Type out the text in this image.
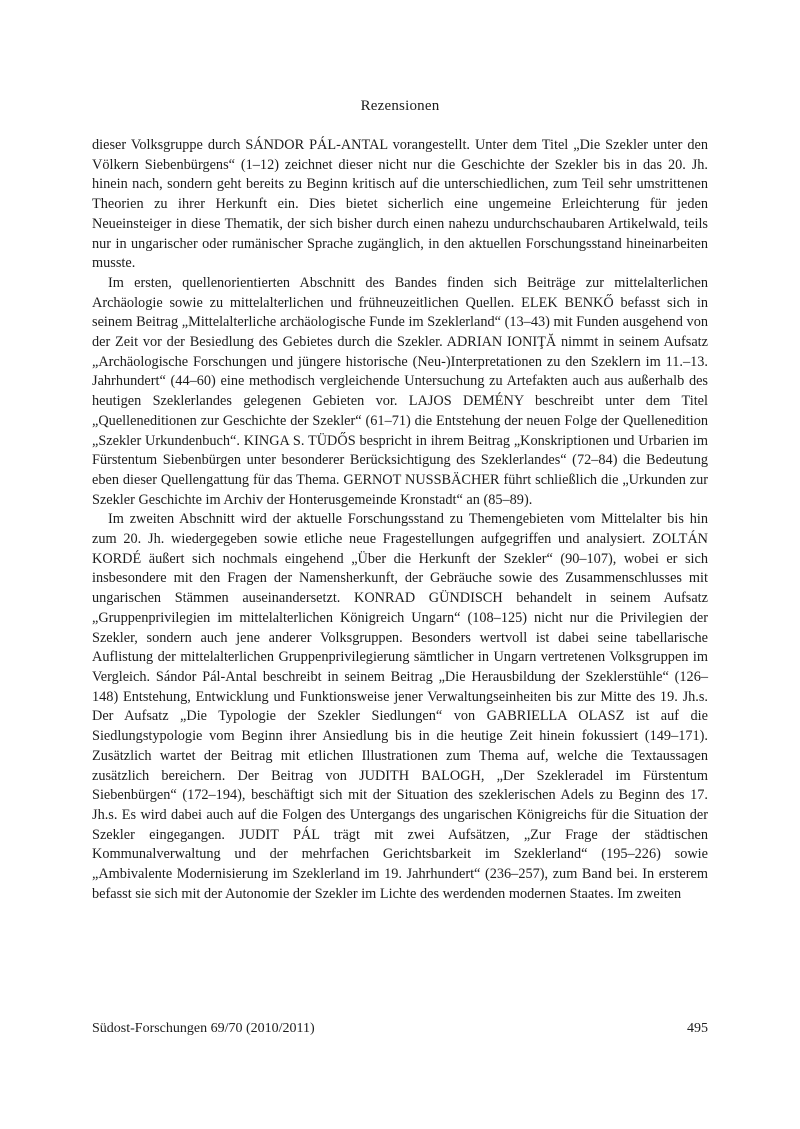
Rezensionen

dieser Volksgruppe durch SÁNDOR PÁL-ANTAL vorangestellt. Unter dem Titel „Die Szekler unter den Völkern Siebenbürgens“ (1–12) zeichnet dieser nicht nur die Geschichte der Szekler bis in das 20. Jh. hinein nach, sondern geht bereits zu Beginn kritisch auf die unterschiedlichen, zum Teil sehr umstrittenen Theorien zu ihrer Herkunft ein. Dies bietet sicherlich eine ungemeine Erleichterung für jeden Neueinsteiger in diese Thematik, der sich bisher durch einen nahezu undurchschaubaren Artikelwald, teils nur in ungarischer oder rumänischer Sprache zugänglich, in den aktuellen Forschungsstand hineinarbeiten musste.

Im ersten, quellenorientierten Abschnitt des Bandes finden sich Beiträge zur mittelalterlichen Archäologie sowie zu mittelalterlichen und frühneuzeitlichen Quellen. ELEK BENKŐ befasst sich in seinem Beitrag „Mittelalterliche archäologische Funde im Szeklerland“ (13–43) mit Funden ausgehend von der Zeit vor der Besiedlung des Gebietes durch die Szekler. ADRIAN IONIŢĂ nimmt in seinem Aufsatz „Archäologische Forschungen und jüngere historische (Neu-)Interpretationen zu den Szeklern im 11.–13. Jahrhundert“ (44–60) eine methodisch vergleichende Untersuchung zu Artefakten auch aus außerhalb des heutigen Szeklerlandes gelegenen Gebieten vor. LAJOS DEMÉNY beschreibt unter dem Titel „Quelleneditionen zur Geschichte der Szekler“ (61–71) die Entstehung der neuen Folge der Quellenedition „Szekler Urkundenbuch“. KINGA S. TÜDŐS bespricht in ihrem Beitrag „Konskriptionen und Urbarien im Fürstentum Siebenbürgen unter besonderer Berücksichtigung des Szeklerlandes“ (72–84) die Bedeutung eben dieser Quellengattung für das Thema. GERNOT NUSSBÄCHER führt schließlich die „Urkunden zur Szekler Geschichte im Archiv der Honterusgemeinde Kronstadt“ an (85–89).

Im zweiten Abschnitt wird der aktuelle Forschungsstand zu Themengebieten vom Mittelalter bis hin zum 20. Jh. wiedergegeben sowie etliche neue Fragestellungen aufgegriffen und analysiert. ZOLTÁN KORDÉ äußert sich nochmals eingehend „Über die Herkunft der Szekler“ (90–107), wobei er sich insbesondere mit den Fragen der Namensherkunft, der Gebräuche sowie des Zusammenschlusses mit ungarischen Stämmen auseinandersetzt. KONRAD GÜNDISCH behandelt in seinem Aufsatz „Gruppenprivilegien im mittelalterlichen Königreich Ungarn“ (108–125) nicht nur die Privilegien der Szekler, sondern auch jene anderer Volksgruppen. Besonders wertvoll ist dabei seine tabellarische Auflistung der mittelalterlichen Gruppenprivilegierung sämtlicher in Ungarn vertretenen Volksgruppen im Vergleich. Sándor Pál-Antal beschreibt in seinem Beitrag „Die Herausbildung der Szeklerstühle“ (126–148) Entstehung, Entwicklung und Funktionsweise jener Verwaltungseinheiten bis zur Mitte des 19. Jh.s. Der Aufsatz „Die Typologie der Szekler Siedlungen“ von GABRIELLA OLASZ ist auf die Siedlungstypologie vom Beginn ihrer Ansiedlung bis in die heutige Zeit hinein fokussiert (149–171). Zusätzlich wartet der Beitrag mit etlichen Illustrationen zum Thema auf, welche die Textaussagen zusätzlich bereichern. Der Beitrag von JUDITH BALOGH, „Der Szekleradel im Fürstentum Siebenbürgen“ (172–194), beschäftigt sich mit der Situation des szeklerischen Adels zu Beginn des 17. Jh.s. Es wird dabei auch auf die Folgen des Untergangs des ungarischen Königreichs für die Situation der Szekler eingegangen. JUDIT PÁL trägt mit zwei Aufsätzen, „Zur Frage der städtischen Kommunalverwaltung und der mehrfachen Gerichtsbarkeit im Szeklerland“ (195–226) sowie „Ambivalente Modernisierung im Szeklerland im 19. Jahrhundert“ (236–257), zum Band bei. In ersterem befasst sie sich mit der Autonomie der Szekler im Lichte des werdenden modernen Staates. Im zweiten

Südost-Forschungen 69/70 (2010/2011)	495
